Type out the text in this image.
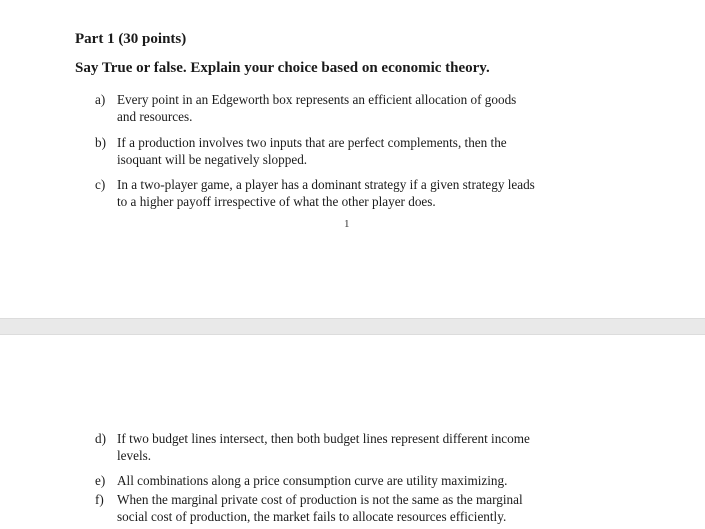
Part 1 (30 points)
Say True or false. Explain your choice based on economic theory.
a) Every point in an Edgeworth box represents an efficient allocation of goods
and resources.
b) If a production involves two inputs that are perfect complements, then the
isoquant will be negatively slopped.
c) In a two-player game, a player has a dominant strategy if a given strategy leads
to a higher payoff irrespective of what the other player does.
1
d) If two budget lines intersect, then both budget lines represent different income
levels.
e) All combinations along a price consumption curve are utility maximizing.
f)	When the marginal private cost of production is not the same as the marginal
social cost of production, the market fails to allocate resources efficiently.
